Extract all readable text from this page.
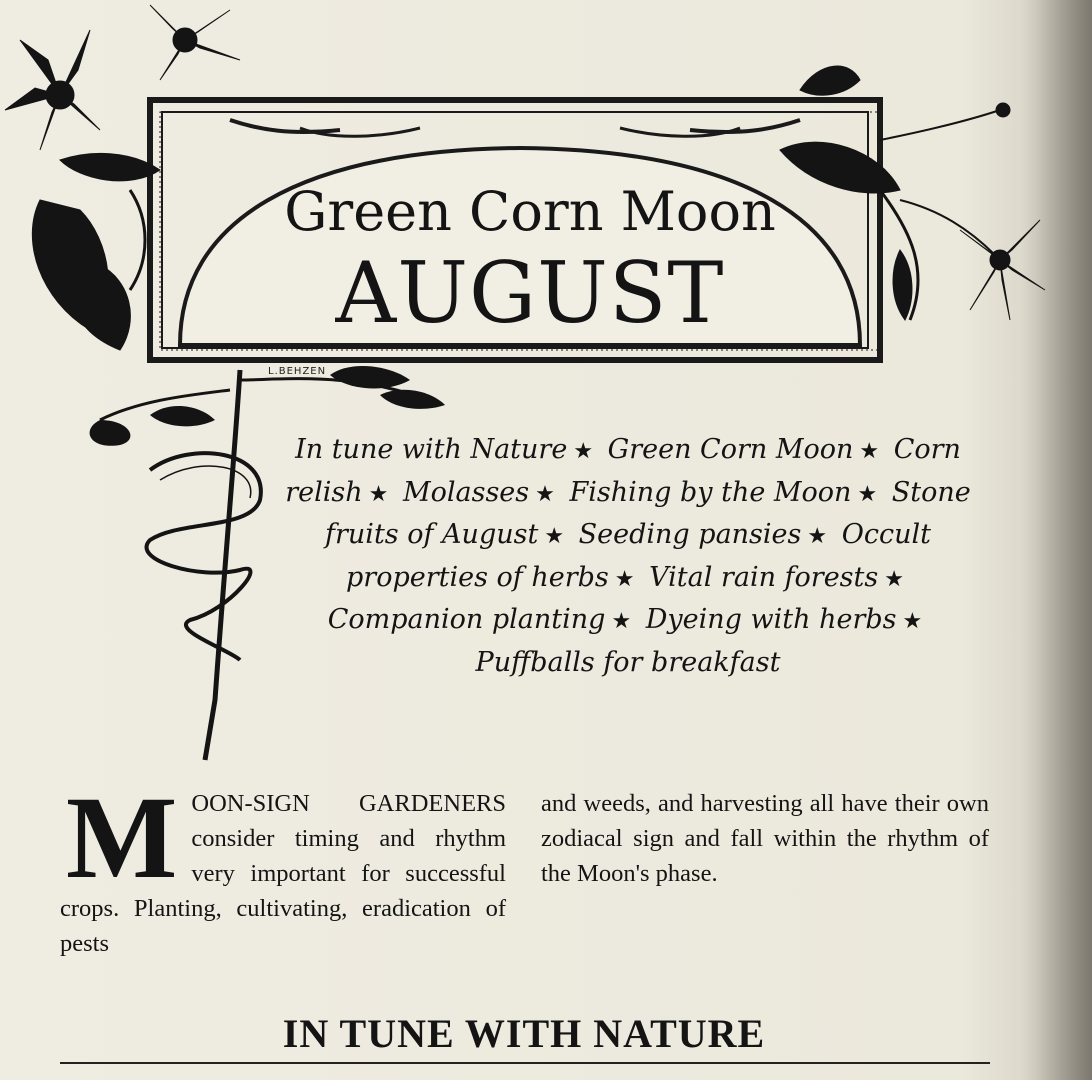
L.BEHZEN
Green Corn Moon
AUGUST
In tune with Nature ★ Green Corn Moon ★ Corn relish ★ Molasses ★ Fishing by the Moon ★ Stone fruits of August ★ Seeding pansies ★ Occult properties of herbs ★ Vital rain forests ★ Companion planting ★ Dyeing with herbs ★ Puffballs for breakfast
M OON-SIGN GARDENERS consider timing and rhythm very important for successful crops. Planting, cultivating, eradication of pests
and weeds, and harvesting all have their own zodiacal sign and fall within the rhythm of the Moon's phase.
IN TUNE WITH NATURE
